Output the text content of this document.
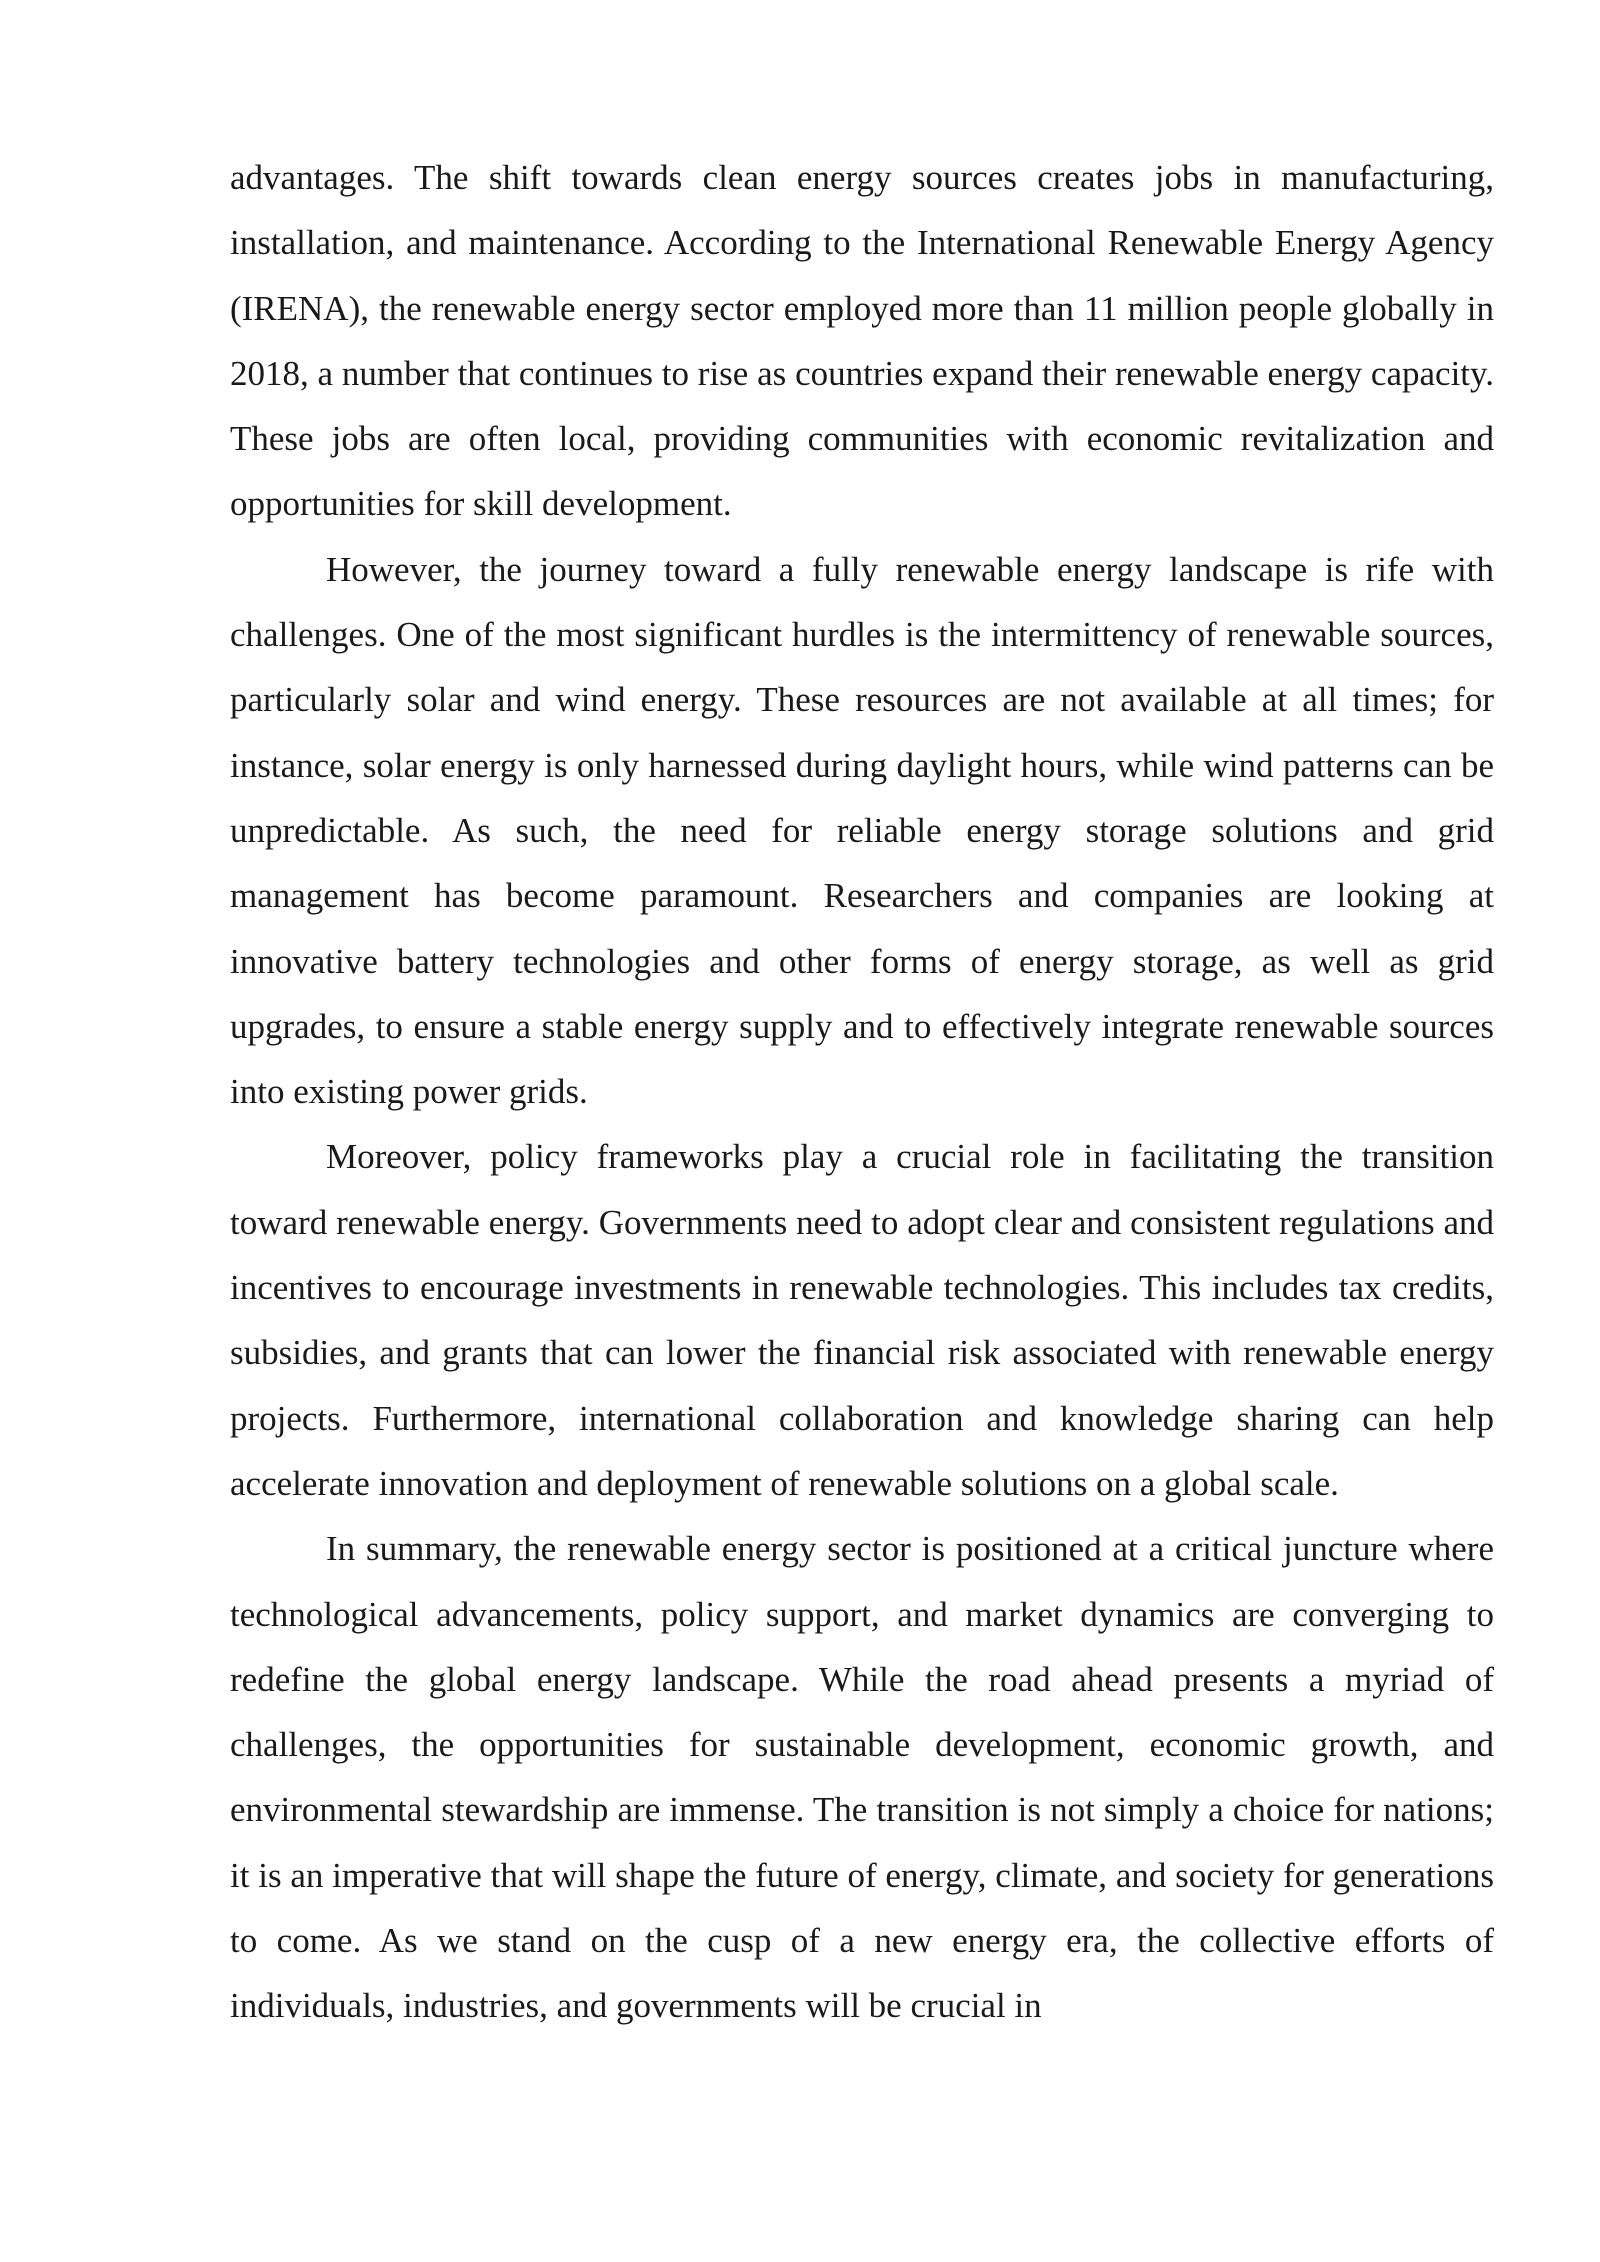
advantages. The shift towards clean energy sources creates jobs in manufacturing, installation, and maintenance. According to the International Renewable Energy Agency (IRENA), the renewable energy sector employed more than 11 million people globally in 2018, a number that continues to rise as countries expand their renewable energy capacity. These jobs are often local, providing communities with economic revitalization and opportunities for skill development.

However, the journey toward a fully renewable energy landscape is rife with challenges. One of the most significant hurdles is the intermittency of renewable sources, particularly solar and wind energy. These resources are not available at all times; for instance, solar energy is only harnessed during daylight hours, while wind patterns can be unpredictable. As such, the need for reliable energy storage solutions and grid management has become paramount. Researchers and companies are looking at innovative battery technologies and other forms of energy storage, as well as grid upgrades, to ensure a stable energy supply and to effectively integrate renewable sources into existing power grids.

Moreover, policy frameworks play a crucial role in facilitating the transition toward renewable energy. Governments need to adopt clear and consistent regulations and incentives to encourage investments in renewable technologies. This includes tax credits, subsidies, and grants that can lower the financial risk associated with renewable energy projects. Furthermore, international collaboration and knowledge sharing can help accelerate innovation and deployment of renewable solutions on a global scale.

In summary, the renewable energy sector is positioned at a critical juncture where technological advancements, policy support, and market dynamics are converging to redefine the global energy landscape. While the road ahead presents a myriad of challenges, the opportunities for sustainable development, economic growth, and environmental stewardship are immense. The transition is not simply a choice for nations; it is an imperative that will shape the future of energy, climate, and society for generations to come. As we stand on the cusp of a new energy era, the collective efforts of individuals, industries, and governments will be crucial in
